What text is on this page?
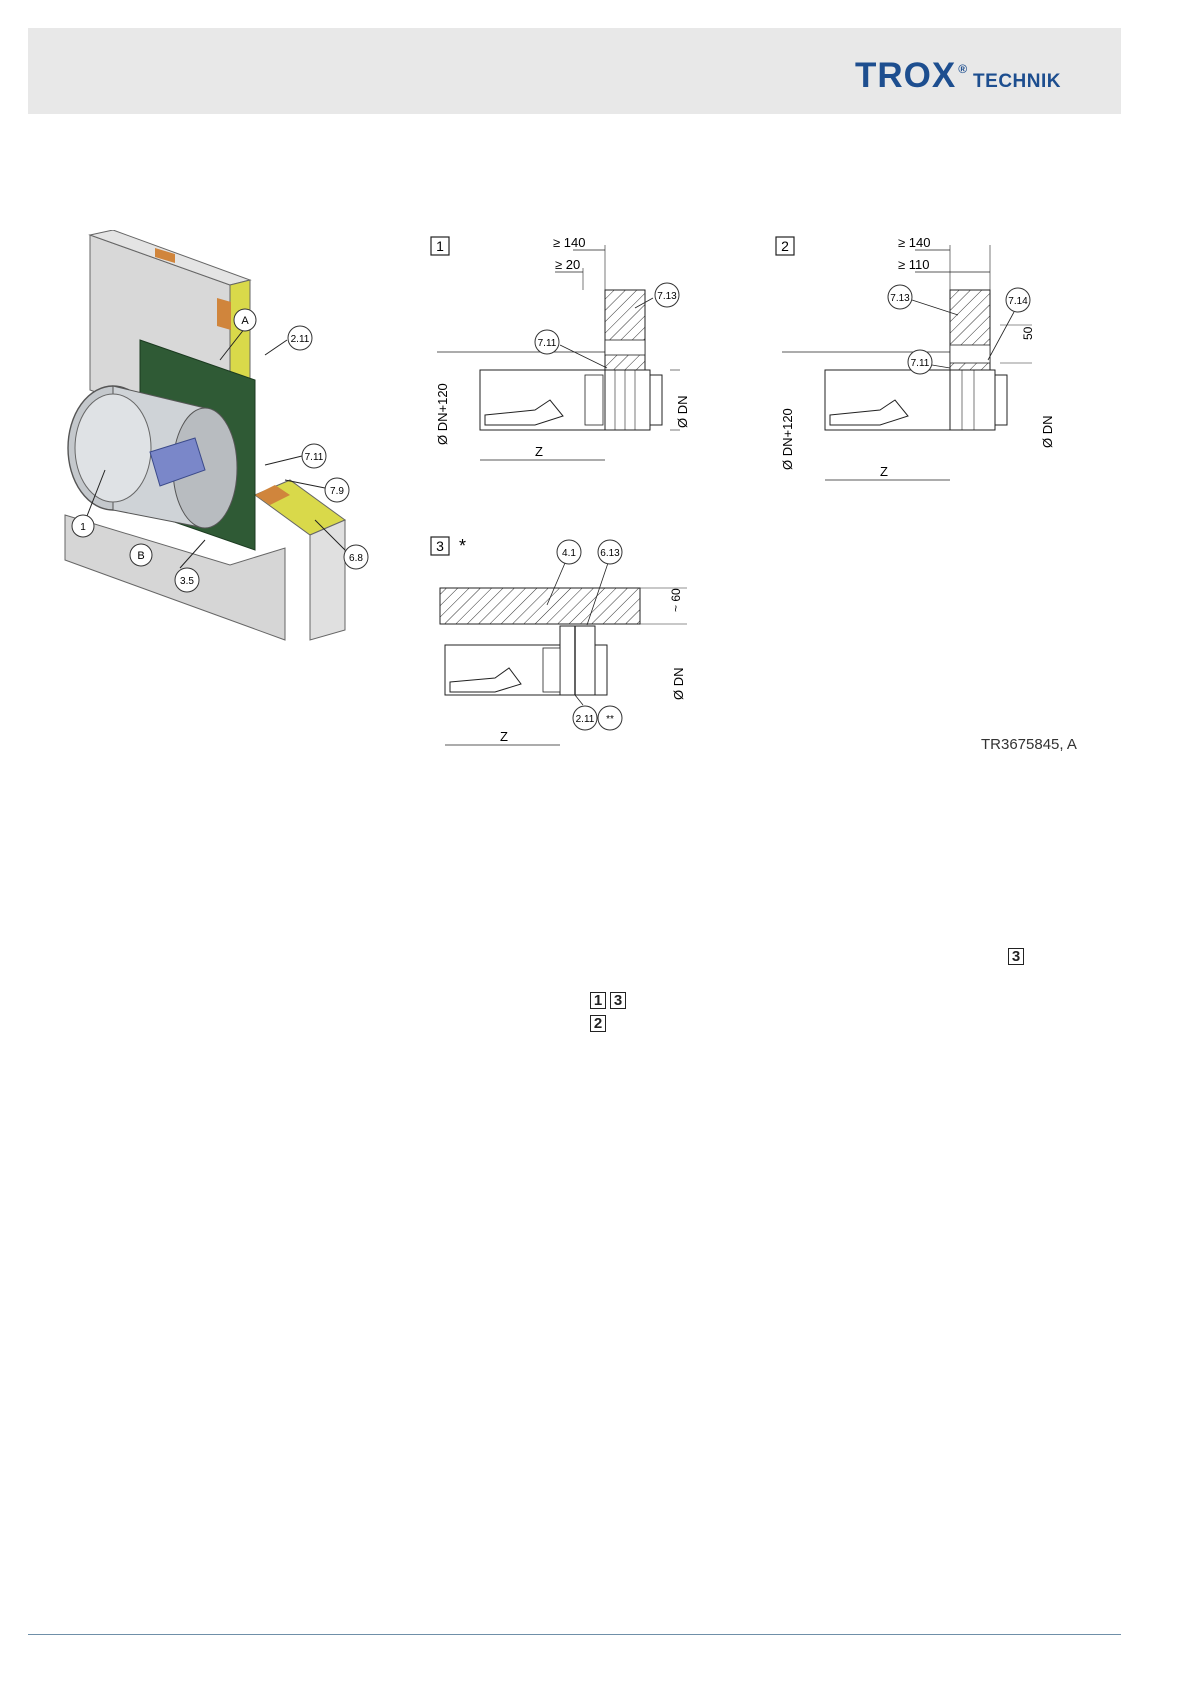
TROX ®
TECHNIK
A
2.11
7.11
7.9
6.8
1
B
3.5
1	≥ 140
≥ 20
Ø DN+120	Ø DN
Z
7.13
7.11
2	≥ 140
≥ 110
Ø DN+120	Ø DN
50
Z
7.13	7.14
7.11
3 *
~ 60
Ø DN
Z
4.1 6.13
2.11 **
TR3675845, A
3
1 3
2
